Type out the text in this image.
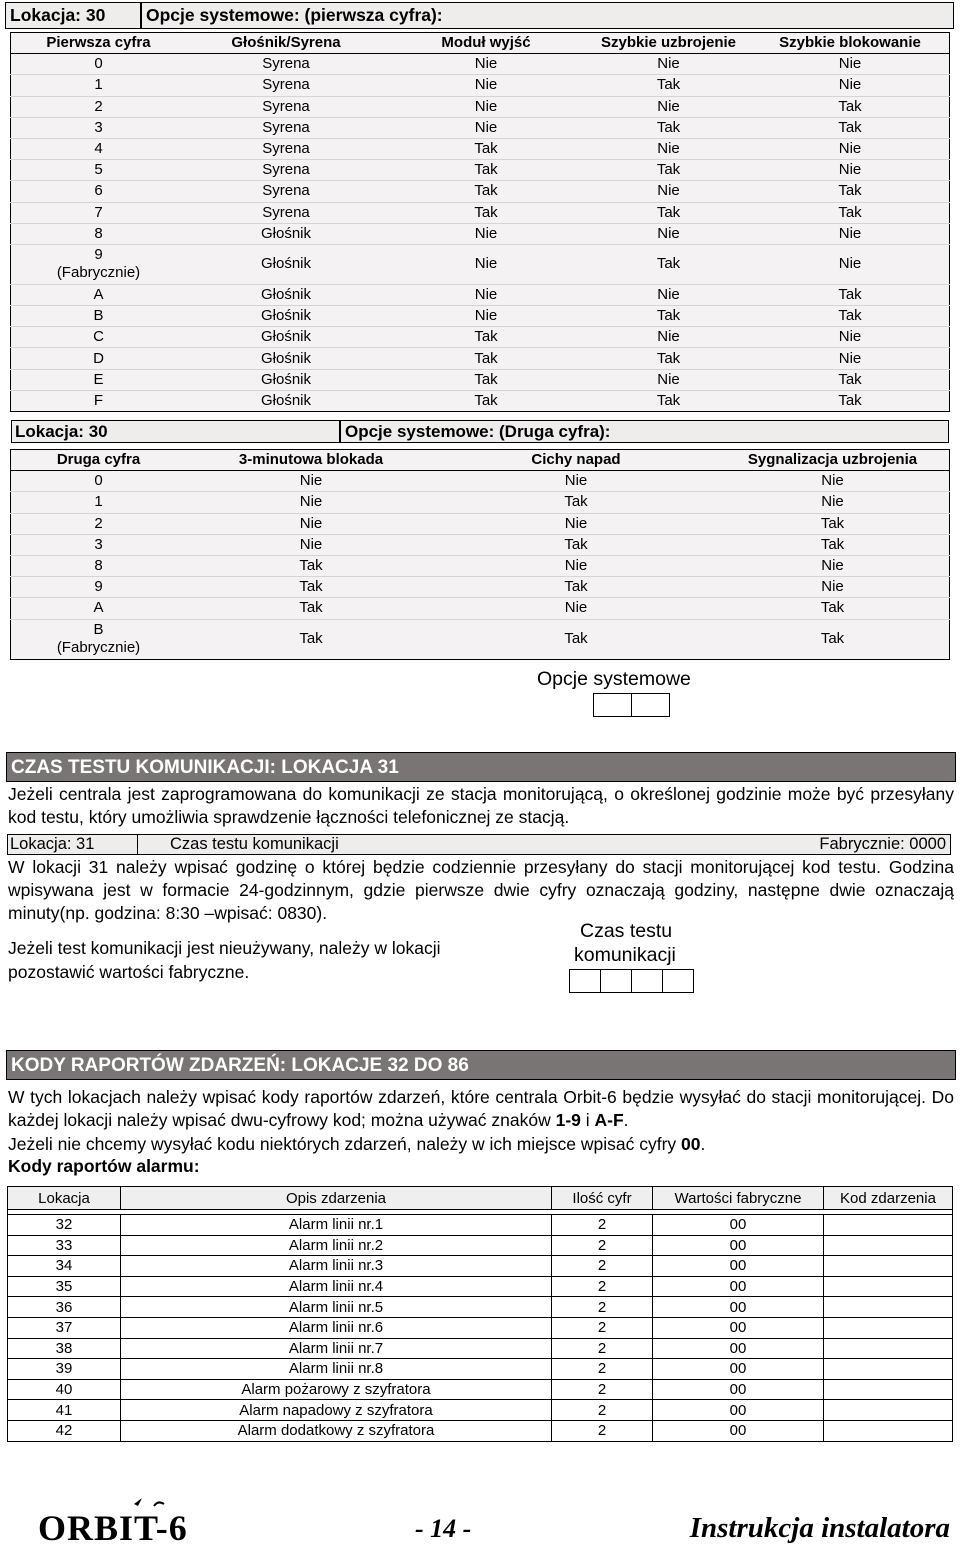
Lokacja: 30	Opcje systemowe: (pierwsza cyfra):
Pierwsza cyfra	Głośnik/Syrena	Moduł wyjść	Szybkie uzbrojenie	Szybkie blokowanie
0	Syrena	Nie	Nie	Nie
1	Syrena	Nie	Tak	Nie
2	Syrena	Nie	Nie	Tak
3	Syrena	Nie	Tak	Tak
4	Syrena	Tak	Nie	Nie
5	Syrena	Tak	Tak	Nie
6	Syrena	Tak	Nie	Tak
7	Syrena	Tak	Tak	Tak
8	Głośnik	Nie	Nie	Nie

9
(Fabrycznie)	Głośnik	Nie	Tak	Nie
A	Głośnik	Nie	Nie	Tak
B	Głośnik	Nie	Tak	Tak
C	Głośnik	Tak	Nie	Nie
D	Głośnik	Tak	Tak	Nie
E	Głośnik	Tak	Nie	Tak
F	Głośnik	Tak	Tak	Tak
Lokacja: 30	Opcje systemowe: (Druga cyfra):
Druga cyfra	3-minutowa blokada	Cichy napad	Sygnalizacja uzbrojenia
0	Nie	Nie	Nie
1	Nie	Tak	Nie
2	Nie	Nie	Tak
3	Nie	Tak	Tak
8	Tak	Nie	Nie
9	Tak	Tak	Nie
A	Tak	Nie	Tak

B
(Fabrycznie)	Tak	Tak	Tak
Opcje systemowe
CZAS TESTU KOMUNIKACJI: LOKACJA 31
Jeżeli centrala jest zaprogramowana do komunikacji ze stacja monitorującą, o określonej godzinie może być przesyłany kod testu, który umożliwia sprawdzenie łączności telefonicznej ze stacją.
Lokacja: 31	Czas testu komunikacji	Fabrycznie: 0000
W lokacji 31 należy wpisać godzinę o której będzie codziennie przesyłany do stacji monitorującej kod testu. Godzina wpisywana jest w formacie 24-godzinnym, gdzie pierwsze dwie cyfry oznaczają godziny, następne dwie oznaczają minuty(np. godzina: 8:30 –wpisać: 0830).
Jeżeli test komunikacji jest nieużywany, należy w lokacji pozostawić wartości fabryczne.
Czas testu
komunikacji
KODY RAPORTÓW ZDARZEŃ: LOKACJE 32 DO 86
W tych lokacjach należy wpisać kody raportów zdarzeń, które centrala Orbit-6 będzie wysyłać do stacji monitorującej. Do każdej lokacji należy wpisać dwu-cyfrowy kod; można używać znaków 1-9 i A-F.
Jeżeli nie chcemy wysyłać kodu niektórych zdarzeń, należy w ich miejsce wpisać cyfry 00.
Kody raportów alarmu:
Lokacja	Opis zdarzenia	Ilość cyfr	Wartości fabryczne	Kod zdarzenia

32	Alarm linii nr.1	2	00	
33	Alarm linii nr.2	2	00	
34	Alarm linii nr.3	2	00	
35	Alarm linii nr.4	2	00	
36	Alarm linii nr.5	2	00	
37	Alarm linii nr.6	2	00	
38	Alarm linii nr.7	2	00	
39	Alarm linii nr.8	2	00	
40	Alarm pożarowy z szyfratora	2	00	
41	Alarm napadowy z szyfratora	2	00	
42	Alarm dodatkowy z szyfratora	2	00	
ORBIT-6	- 14 -	Instrukcja instalatora
